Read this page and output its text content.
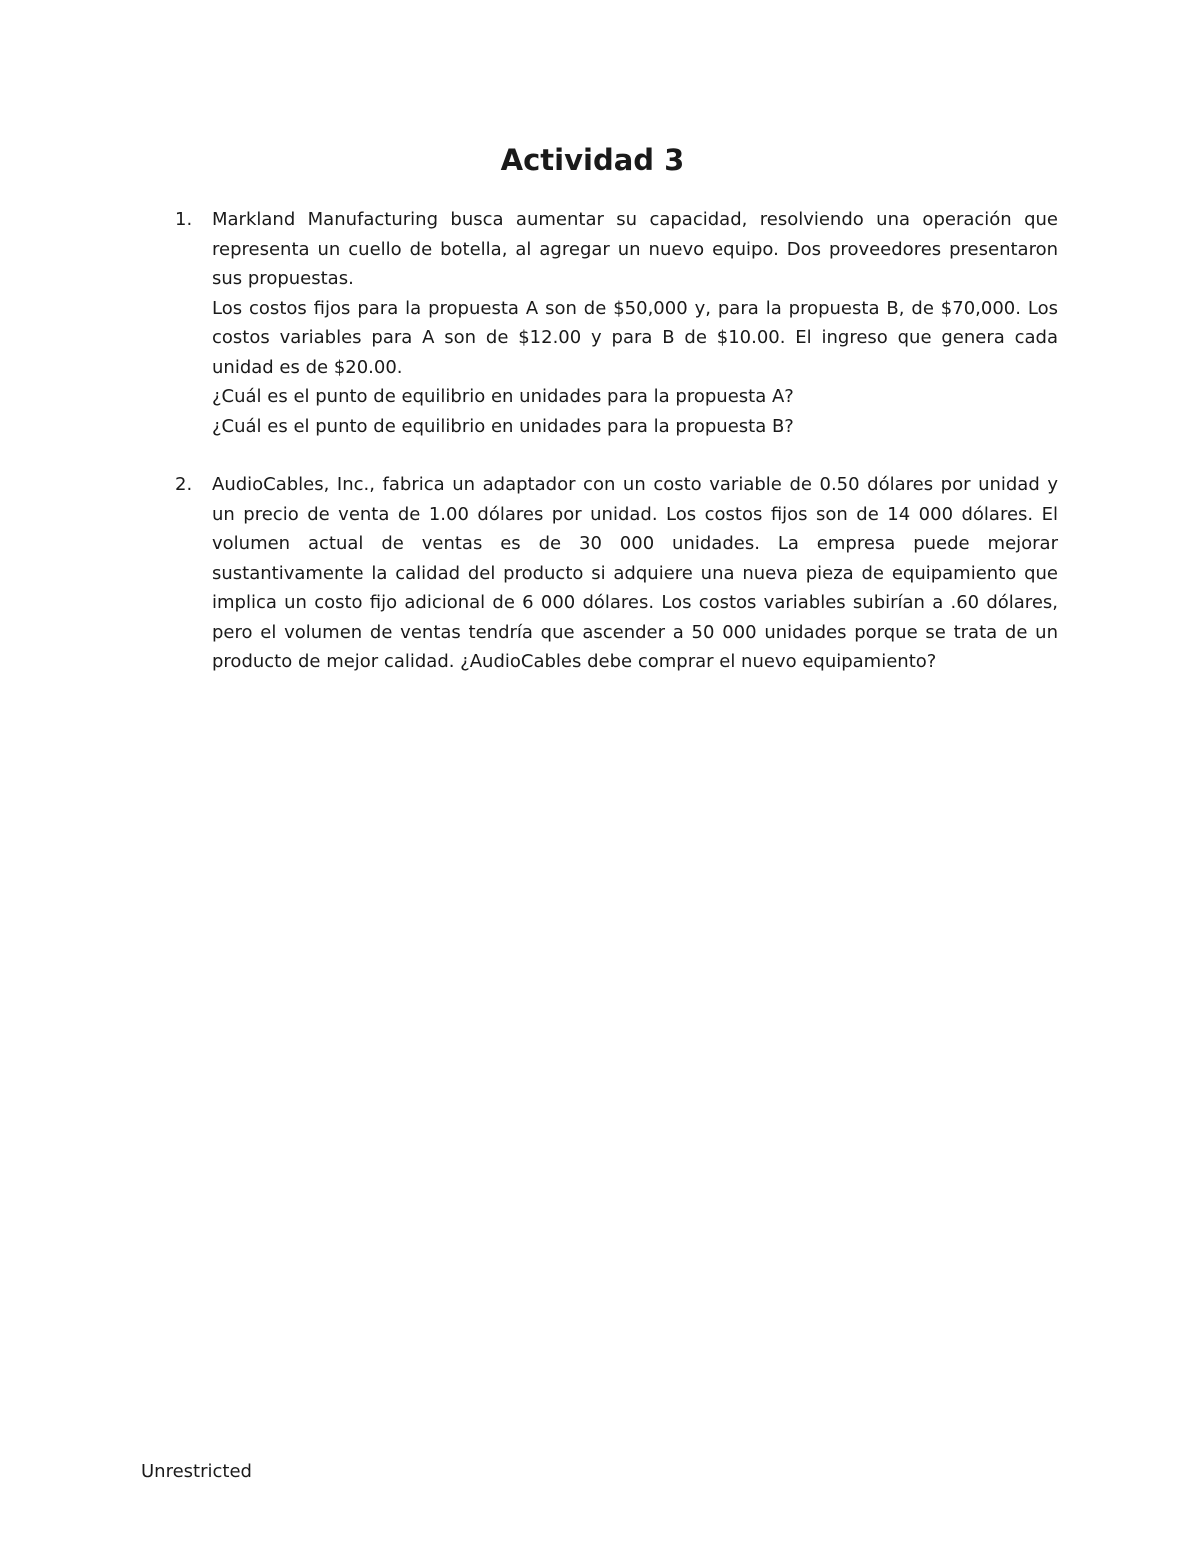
Actividad 3
1. Markland Manufacturing busca aumentar su capacidad, resolviendo una operación que representa un cuello de botella, al agregar un nuevo equipo. Dos proveedores presentaron sus propuestas.

Los costos fijos para la propuesta A son de $50,000 y, para la propuesta B, de $70,000. Los costos variables para A son de $12.00 y para B de $10.00. El ingreso que genera cada unidad es de $20.00.

¿Cuál es el punto de equilibrio en unidades para la propuesta A?

¿Cuál es el punto de equilibrio en unidades para la propuesta B?

2. AudioCables, Inc., fabrica un adaptador con un costo variable de 0.50 dólares por unidad y un precio de venta de 1.00 dólares por unidad. Los costos fijos son de 14 000 dólares. El volumen actual de ventas es de 30 000 unidades. La empresa puede mejorar sustantivamente la calidad del producto si adquiere una nueva pieza de equipamiento que implica un costo fijo adicional de 6 000 dólares. Los costos variables subirían a .60 dólares, pero el volumen de ventas tendría que ascender a 50 000 unidades porque se trata de un producto de mejor calidad. ¿AudioCables debe comprar el nuevo equipamiento?

Unrestricted
